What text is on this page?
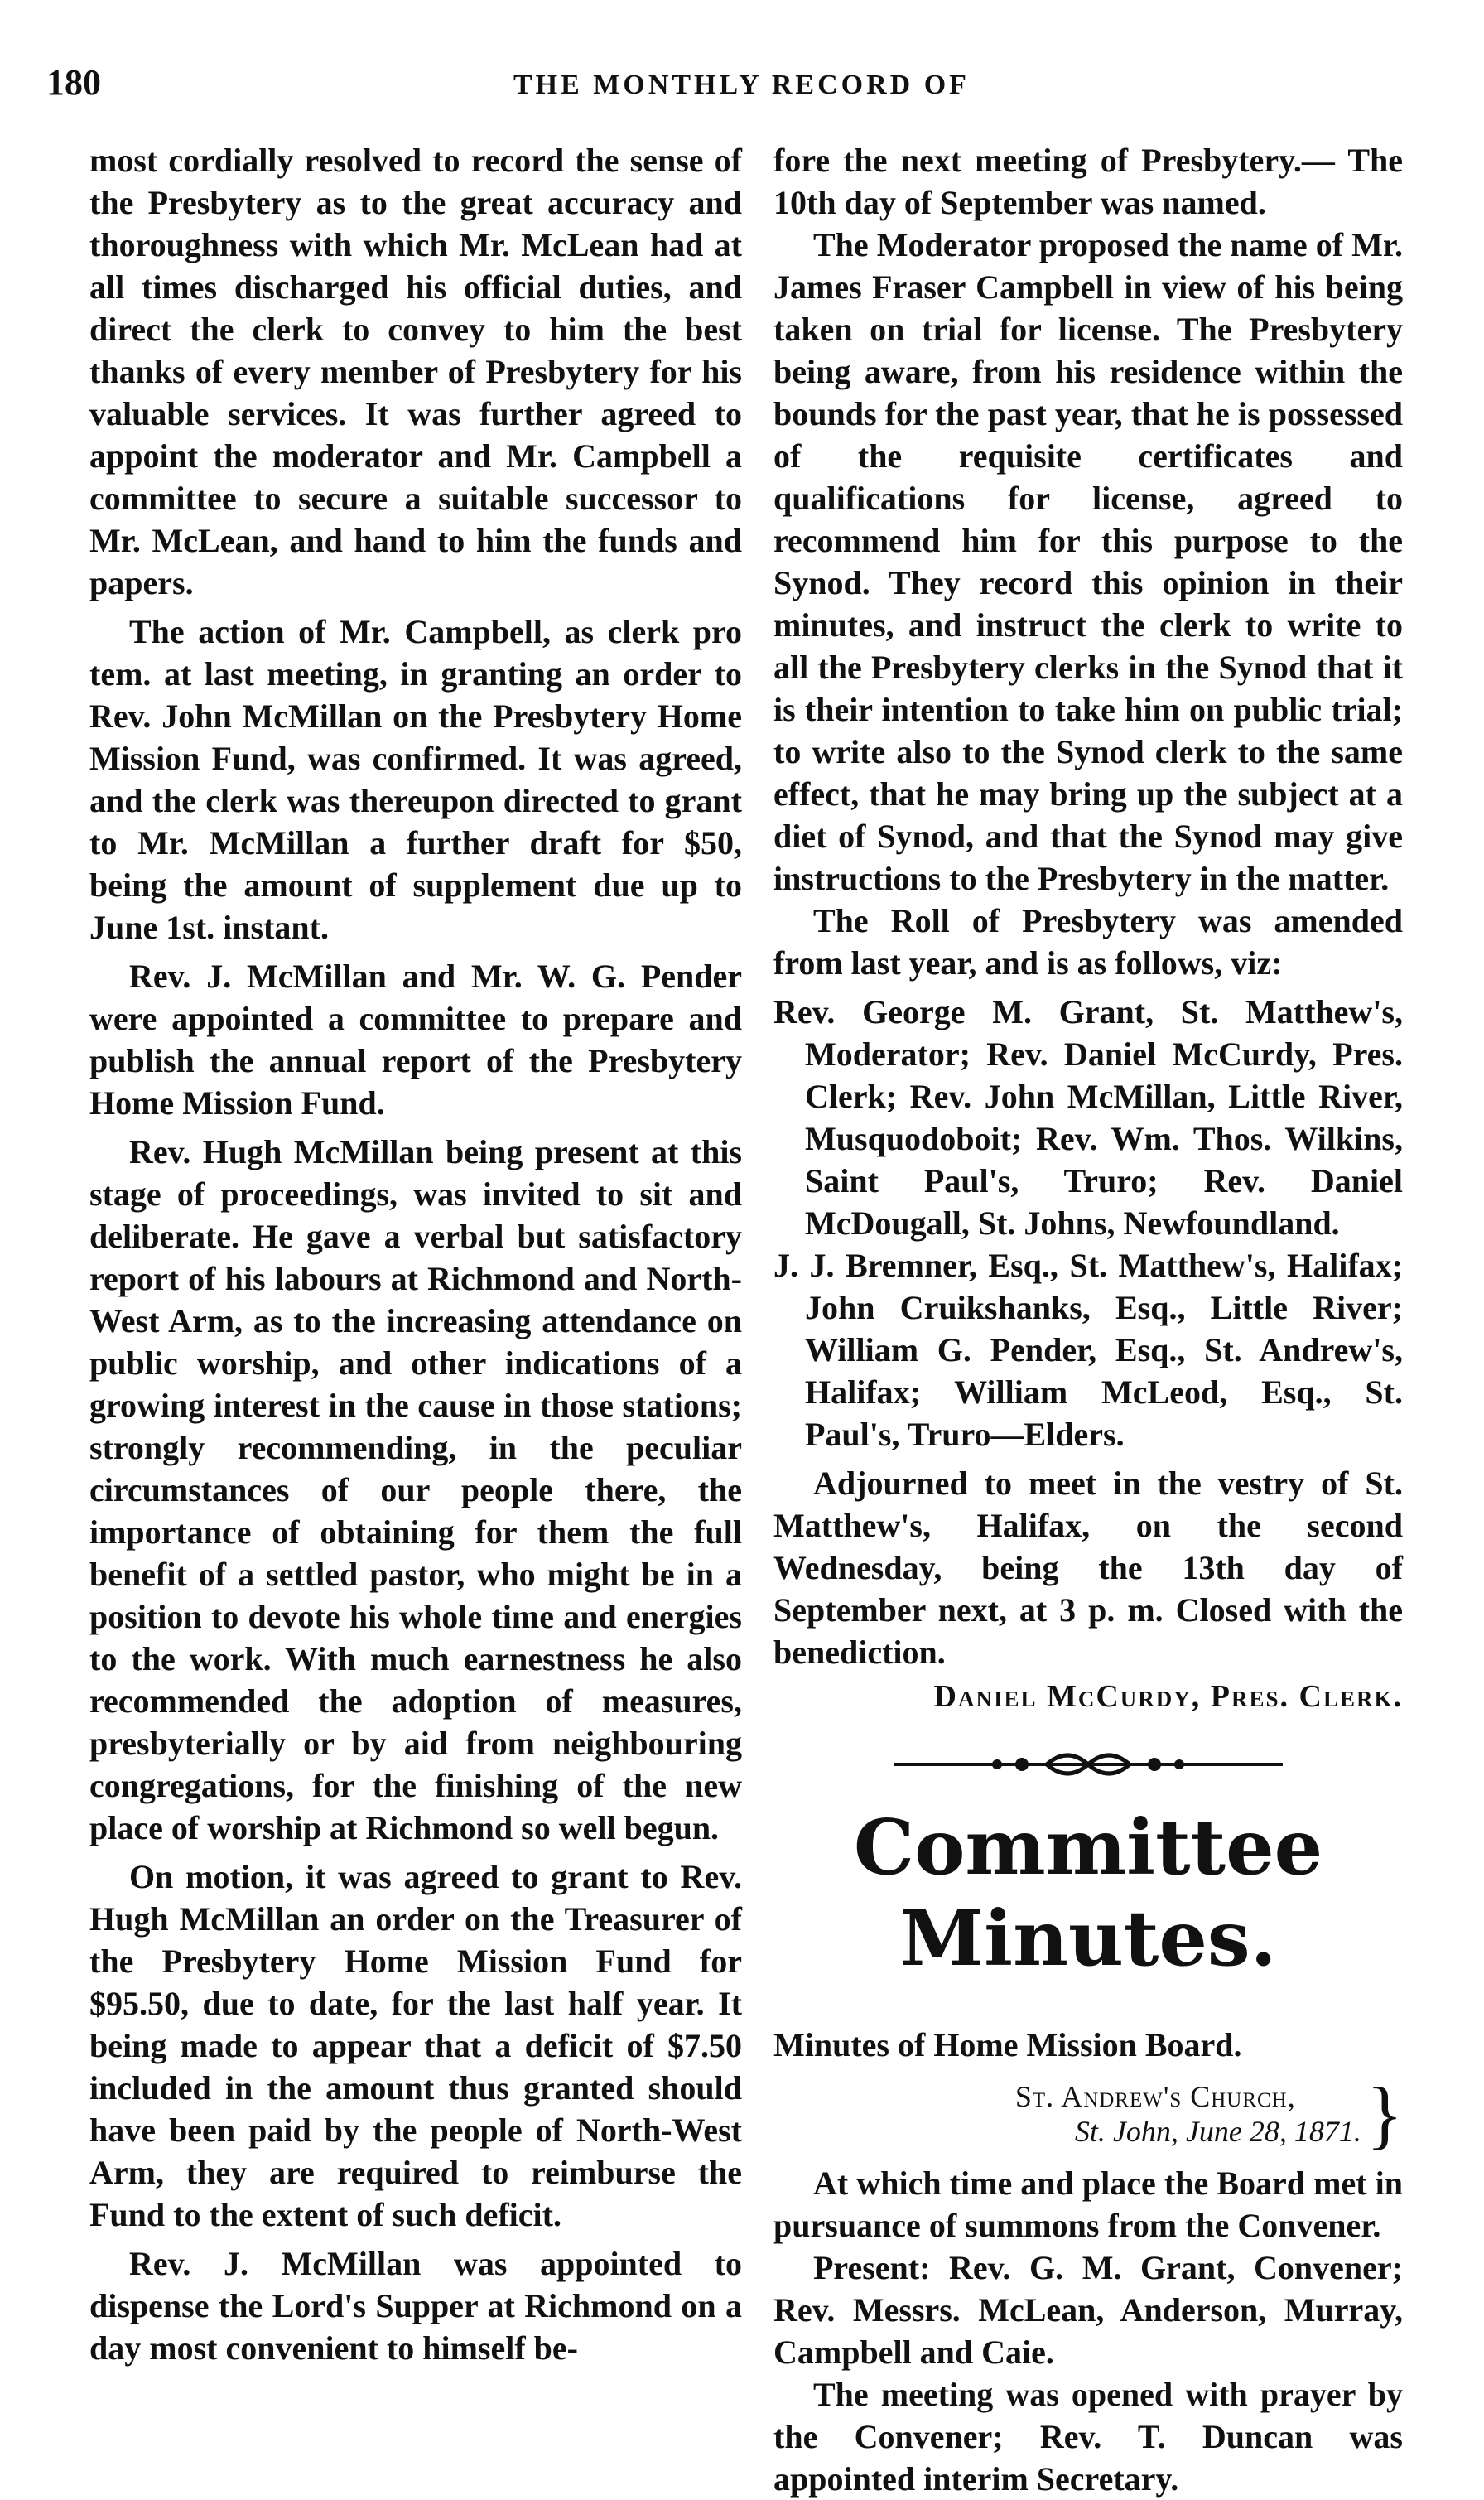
180	THE MONTHLY RECORD OF

most cordially resolved to record the sense of the Presbytery as to the great accuracy and thoroughness with which Mr. McLean had at all times discharged his official duties, and direct the clerk to convey to him the best thanks of every member of Presbytery for his valuable services. It was further agreed to appoint the moderator and Mr. Campbell a committee to secure a suitable successor to Mr. McLean, and hand to him the funds and papers.

The action of Mr. Campbell, as clerk pro tem. at last meeting, in granting an order to Rev. John McMillan on the Presbytery Home Mission Fund, was confirmed. It was agreed, and the clerk was thereupon directed to grant to Mr. McMillan a further draft for $50, being the amount of supplement due up to June 1st. instant.

Rev. J. McMillan and Mr. W. G. Pender were appointed a committee to prepare and publish the annual report of the Presbytery Home Mission Fund.

Rev. Hugh McMillan being present at this stage of proceedings, was invited to sit and deliberate. He gave a verbal but satisfactory report of his labours at Richmond and North-West Arm, as to the increasing attendance on public worship, and other indications of a growing interest in the cause in those stations; strongly recommending, in the peculiar circumstances of our people there, the importance of obtaining for them the full benefit of a settled pastor, who might be in a position to devote his whole time and energies to the work. With much earnestness he also recommended the adoption of measures, presbyterially or by aid from neighbouring congregations, for the finishing of the new place of worship at Richmond so well begun.

On motion, it was agreed to grant to Rev. Hugh McMillan an order on the Treasurer of the Presbytery Home Mission Fund for $95.50, due to date, for the last half year. It being made to appear that a deficit of $7.50 included in the amount thus granted should have been paid by the people of North-West Arm, they are required to reimburse the Fund to the extent of such deficit.

Rev. J. McMillan was appointed to dispense the Lord's Supper at Richmond on a day most convenient to himself be-

fore the next meeting of Presbytery.— The 10th day of September was named.

The Moderator proposed the name of Mr. James Fraser Campbell in view of his being taken on trial for license. The Presbytery being aware, from his residence within the bounds for the past year, that he is possessed of the requisite certificates and qualifications for license, agreed to recommend him for this purpose to the Synod. They record this opinion in their minutes, and instruct the clerk to write to all the Presbytery clerks in the Synod that it is their intention to take him on public trial; to write also to the Synod clerk to the same effect, that he may bring up the subject at a diet of Synod, and that the Synod may give instructions to the Presbytery in the matter.

The Roll of Presbytery was amended from last year, and is as follows, viz:

Rev. George M. Grant, St. Matthew's, Moderator; Rev. Daniel McCurdy, Pres. Clerk; Rev. John McMillan, Little River, Musquodoboit; Rev. Wm. Thos. Wilkins, Saint Paul's, Truro; Rev. Daniel McDougall, St. Johns, Newfoundland.

J. J. Bremner, Esq., St. Matthew's, Halifax; John Cruikshanks, Esq., Little River; William G. Pender, Esq., St. Andrew's, Halifax; William McLeod, Esq., St. Paul's, Truro—Elders.

Adjourned to meet in the vestry of St. Matthew's, Halifax, on the second Wednesday, being the 13th day of September next, at 3 p. m. Closed with the benediction.

Daniel McCurdy, Pres. Clerk.
Committee Minutes.
Minutes of Home Mission Board.
St. Andrew's Church,
St. John, June 28, 1871. }

At which time and place the Board met in pursuance of summons from the Convener.

Present: Rev. G. M. Grant, Convener; Rev. Messrs. McLean, Anderson, Murray, Campbell and Caie.

The meeting was opened with prayer by the Convener; Rev. T. Duncan was appointed interim Secretary.
